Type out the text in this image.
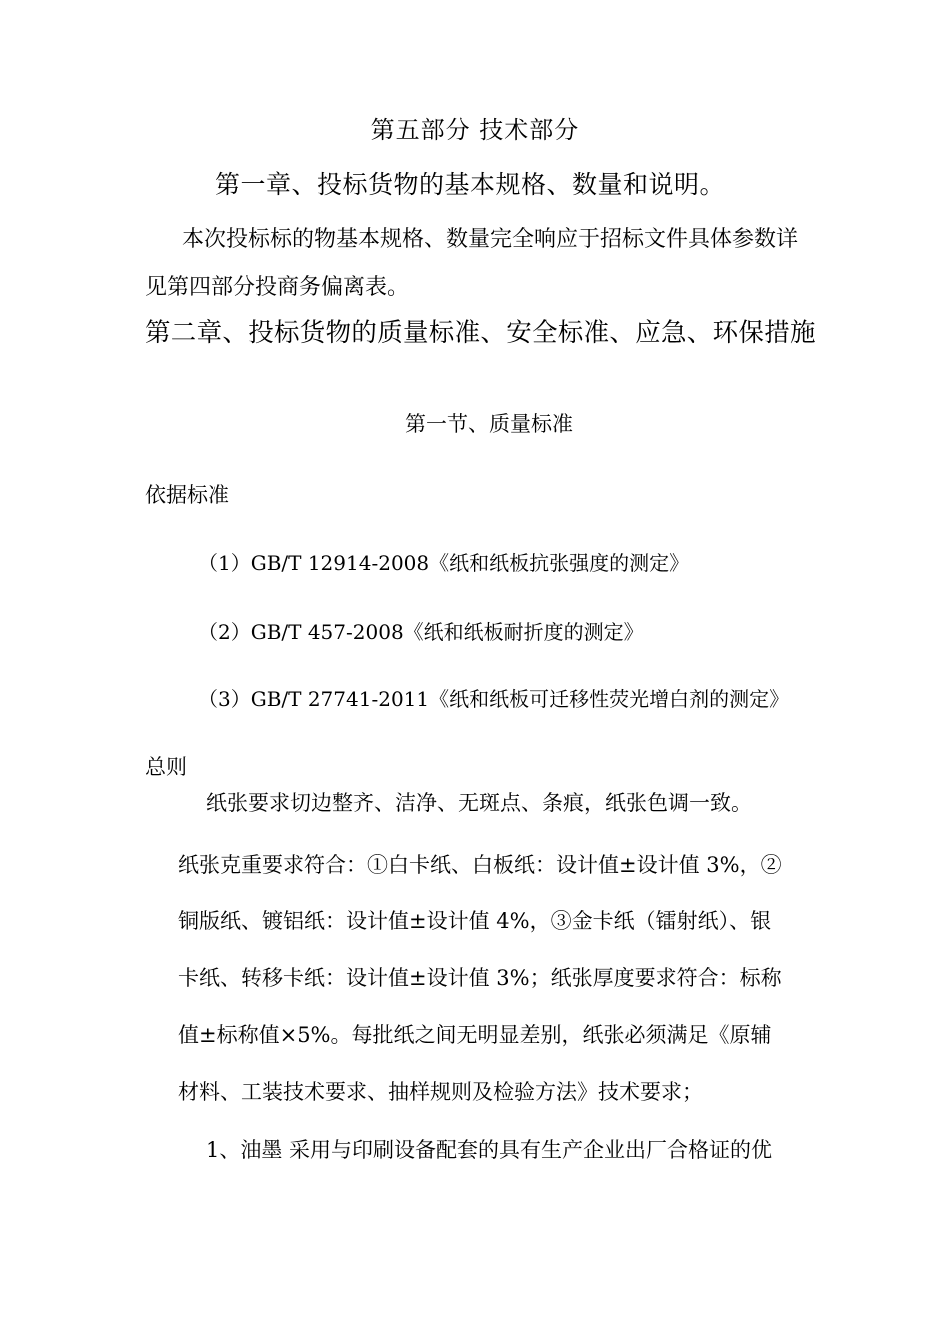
第五部分 技术部分
第一章、投标货物的基本规格、数量和说明。
本次投标标的物基本规格、数量完全响应于招标文件具体参数详
见第四部分投商务偏离表。
第二章、投标货物的质量标准、安全标准、应急、环保措施
第一节、质量标准
依据标准
（1）GB/T 12914-2008《纸和纸板抗张强度的测定》
（2）GB/T 457-2008《纸和纸板耐折度的测定》
（3）GB/T 27741-2011《纸和纸板可迁移性荧光增白剂的测定》
总则
纸张要求切边整齐、洁净、无斑点、条痕，纸张色调一致。
纸张克重要求符合：①白卡纸、白板纸：设计值±设计值 3%，②
铜版纸、镀铝纸：设计值±设计值 4%，③金卡纸（镭射纸）、银
卡纸、转移卡纸：设计值±设计值 3%；纸张厚度要求符合：标称
值±标称值×5%。每批纸之间无明显差别，纸张必须满足《原辅
材料、工装技术要求、抽样规则及检验方法》技术要求；
1、油墨 采用与印刷设备配套的具有生产企业出厂合格证的优
